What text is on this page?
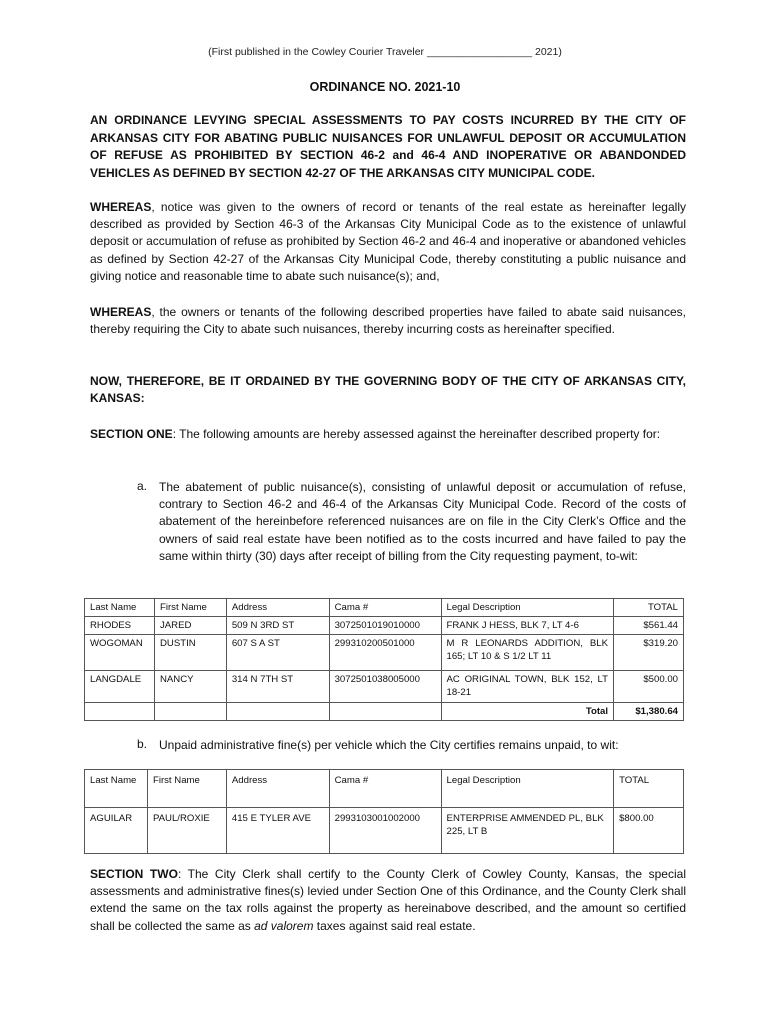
(First published in the Cowley Courier Traveler __________________ 2021)
ORDINANCE NO. 2021-10
AN ORDINANCE LEVYING SPECIAL ASSESSMENTS TO PAY COSTS INCURRED BY THE CITY OF ARKANSAS CITY FOR ABATING PUBLIC NUISANCES FOR UNLAWFUL DEPOSIT OR ACCUMULATION OF REFUSE AS PROHIBITED BY SECTION 46-2 and 46-4 AND INOPERATIVE OR ABANDONDED VEHICLES AS DEFINED BY SECTION 42-27 OF THE ARKANSAS CITY MUNICIPAL CODE.
WHEREAS, notice was given to the owners of record or tenants of the real estate as hereinafter legally described as provided by Section 46-3 of the Arkansas City Municipal Code as to the existence of unlawful deposit or accumulation of refuse as prohibited by Section 46-2 and 46-4 and inoperative or abandoned vehicles as defined by Section 42-27 of the Arkansas City Municipal Code, thereby constituting a public nuisance and giving notice and reasonable time to abate such nuisance(s); and,
WHEREAS, the owners or tenants of the following described properties have failed to abate said nuisances, thereby requiring the City to abate such nuisances, thereby incurring costs as hereinafter specified.
NOW, THEREFORE, BE IT ORDAINED BY THE GOVERNING BODY OF THE CITY OF ARKANSAS CITY, KANSAS:
SECTION ONE: The following amounts are hereby assessed against the hereinafter described property for:
a. The abatement of public nuisance(s), consisting of unlawful deposit or accumulation of refuse, contrary to Section 46-2 and 46-4 of the Arkansas City Municipal Code. Record of the costs of abatement of the hereinbefore referenced nuisances are on file in the City Clerk’s Office and the owners of said real estate have been notified as to the costs incurred and have failed to pay the same within thirty (30) days after receipt of billing from the City requesting payment, to-wit:
Last Name	First Name	Address	Cama #	Legal Description	TOTAL
RHODES	JARED	509 N 3RD ST	3072501019010000	FRANK J HESS, BLK 7, LT 4-6	$561.44
WOGOMAN	DUSTIN	607 S A ST	299310200501000	M R LEONARDS ADDITION, BLK 165; LT 10 & S 1/2 LT 11	$319.20
LANGDALE	NANCY	314 N 7TH ST	3072501038005000	AC ORIGINAL TOWN, BLK 152, LT 18-21	$500.00
				Total	$1,380.64
b. Unpaid administrative fine(s) per vehicle which the City certifies remains unpaid, to wit:
Last Name	First Name	Address	Cama #	Legal Description	TOTAL
AGUILAR	PAUL/ROXIE	415 E TYLER AVE	2993103001002000	ENTERPRISE AMMENDED PL, BLK 225, LT B	$800.00
SECTION TWO: The City Clerk shall certify to the County Clerk of Cowley County, Kansas, the special assessments and administrative fines(s) levied under Section One of this Ordinance, and the County Clerk shall extend the same on the tax rolls against the property as hereinabove described, and the amount so certified shall be collected the same as ad valorem taxes against said real estate.
